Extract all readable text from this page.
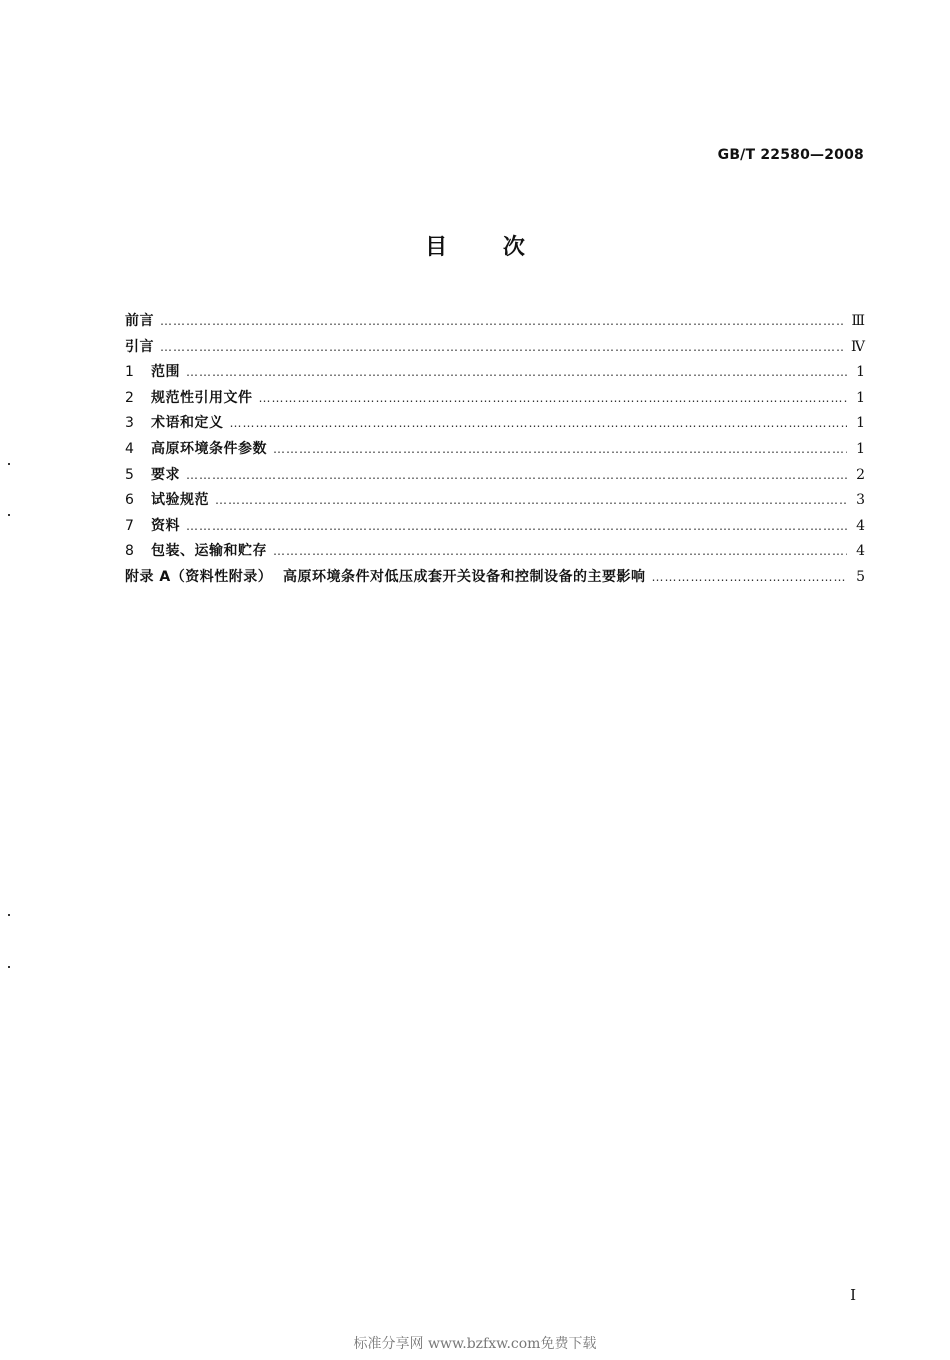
GB/T 22580—2008
目 次
前言 …………………………………………………………………………………………………………………………………………………………………………	Ⅲ
引言 …………………………………………………………………………………………………………………………………………………………………………	Ⅳ
1	范围 …………………………………………………………………………………………………………………………………………………………………………	1
2	规范性引用文件 …………………………………………………………………………………………………………………………………………………………………………	1
3	术语和定义 …………………………………………………………………………………………………………………………………………………………………………	1
4	高原环境条件参数 …………………………………………………………………………………………………………………………………………………………………………	1
5	要求 …………………………………………………………………………………………………………………………………………………………………………	2
6	试验规范 …………………………………………………………………………………………………………………………………………………………………………	3
7	资料 …………………………………………………………………………………………………………………………………………………………………………	4
8	包装、运输和贮存 …………………………………………………………………………………………………………………………………………………………………………	4
附录 A（资料性附录）  高原环境条件对低压成套开关设备和控制设备的主要影响 …………………………………………………………………………………………………………………………………………………………………………	5
I
标准分享网 www.bzfxw.com免费下载
